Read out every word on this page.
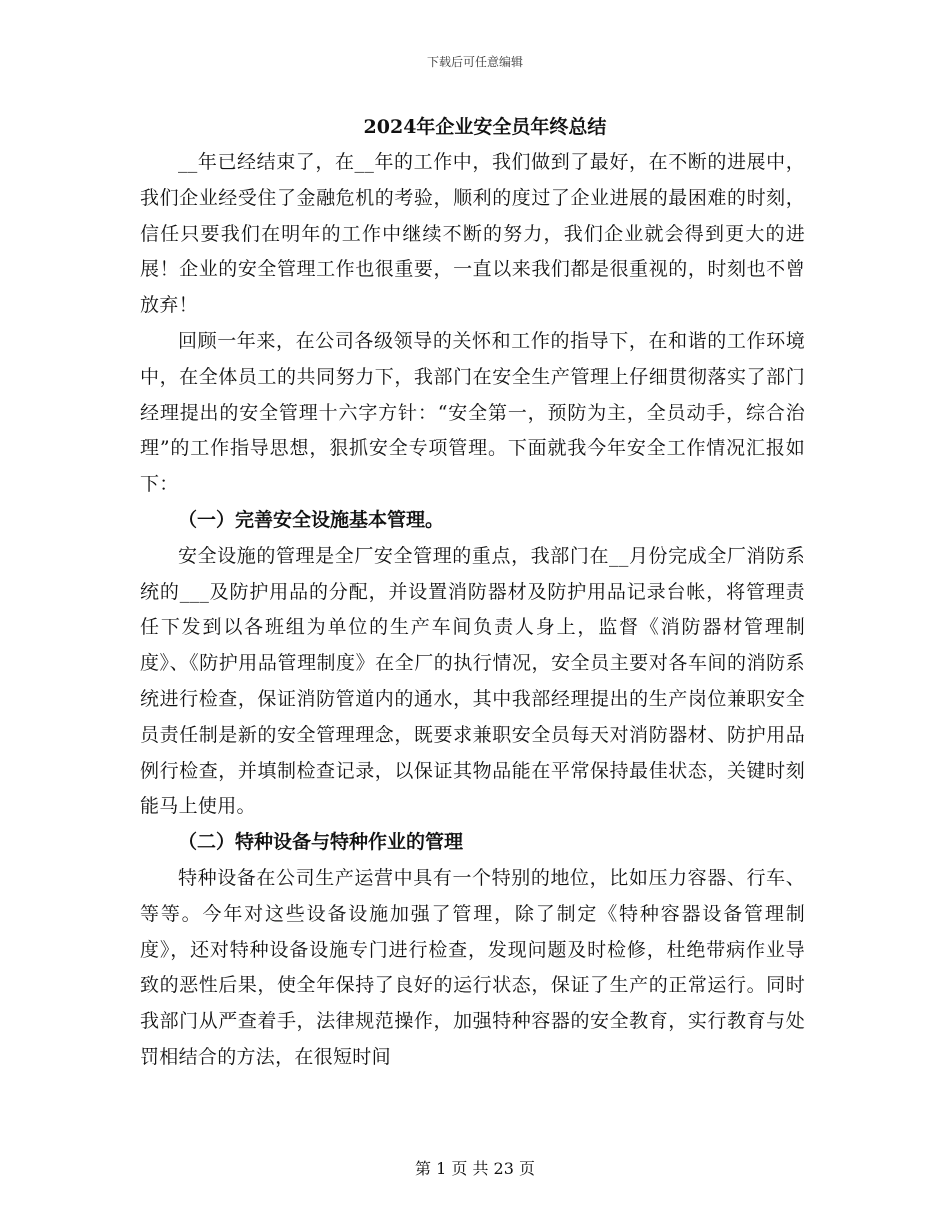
下载后可任意编辑
2024年企业安全员年终总结

__年已经结束了，在__年的工作中，我们做到了最好，在不断的进展中，我们企业经受住了金融危机的考验，顺利的度过了企业进展的最困难的时刻，信任只要我们在明年的工作中继续不断的努力，我们企业就会得到更大的进展！企业的安全管理工作也很重要，一直以来我们都是很重视的，时刻也不曾放弃！

回顾一年来，在公司各级领导的关怀和工作的指导下，在和谐的工作环境中，在全体员工的共同努力下，我部门在安全生产管理上仔细贯彻落实了部门经理提出的安全管理十六字方针：“安全第一，预防为主，全员动手，综合治理”的工作指导思想，狠抓安全专项管理。下面就我今年安全工作情况汇报如下：

（一）完善安全设施基本管理。

安全设施的管理是全厂安全管理的重点，我部门在__月份完成全厂消防系统的___及防护用品的分配，并设置消防器材及防护用品记录台帐，将管理责任下发到以各班组为单位的生产车间负责人身上，监督《消防器材管理制度》、《防护用品管理制度》在全厂的执行情况，安全员主要对各车间的消防系统进行检查，保证消防管道内的通水，其中我部经理提出的生产岗位兼职安全员责任制是新的安全管理理念，既要求兼职安全员每天对消防器材、防护用品例行检查，并填制检查记录，以保证其物品能在平常保持最佳状态，关键时刻能马上使用。

（二）特种设备与特种作业的管理

特种设备在公司生产运营中具有一个特别的地位，比如压力容器、行车、等等。今年对这些设备设施加强了管理，除了制定《特种容器设备管理制度》，还对特种设备设施专门进行检查，发现问题及时检修，杜绝带病作业导致的恶性后果，使全年保持了良好的运行状态，保证了生产的正常运行。同时我部门从严查着手，法律规范操作，加强特种容器的安全教育，实行教育与处罚相结合的方法，在很短时间

第 1 页 共 23 页
